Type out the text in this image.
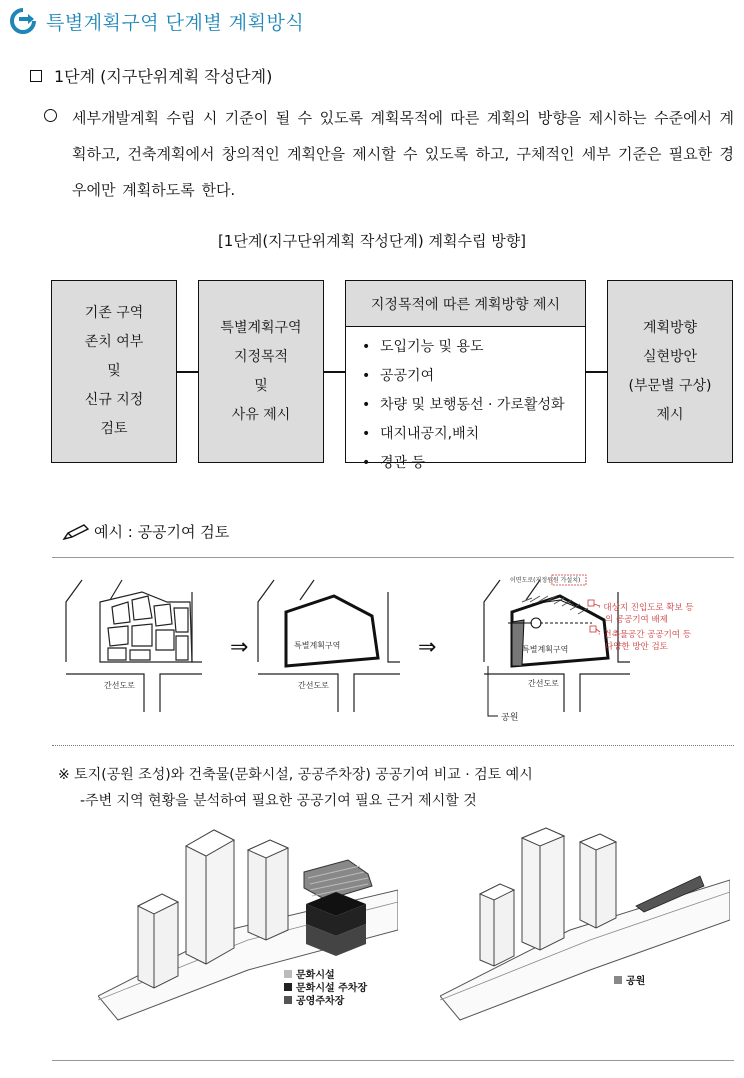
특별계획구역 단계별 계획방식
1단계 (지구단위계획 작성단계)
세부개발계획 수립 시 기준이 될 수 있도록 계획목적에 따른 계획의 방향을 제시하는 수준에서 계획하고, 건축계획에서 창의적인 계획안을 제시할 수 있도록 하고, 구체적인 세부 기준은 필요한 경우에만 계획하도록 한다.
[1단계(지구단위계획 작성단계) 계획수립 방향]
기존 구역
존치 여부
및
신규 지정
검토
특별계획구역
지정목적
및
사유 제시
지정목적에 따른 계획방향 제시
• 도입기능 및 용도
• 공공기여
• 차량 및 보행동선 · 가로활성화
• 대지내공지,배치
• 경관 등
계획방향
실현방안
(부문별 구상)
제시
예시 : 공공기여 검토
⇒	⇒
간선도로
특별계획구역
간선도로
특별계획구역
간선도로
이면도로(저정원원 가설치)
공원
· 대상지 진입도로 확보 등
의 공공기여 배제
· 건축물공간 공공기여 등
다양한 방안 검토
※ 토지(공원 조성)와 건축물(문화시설, 공공주차장) 공공기여 비교 · 검토 예시
-주변 지역 현황을 분석하여 필요한 공공기여 필요 근거 제시할 것
문화시설
문화시설 주차장
공영주차장
공원
